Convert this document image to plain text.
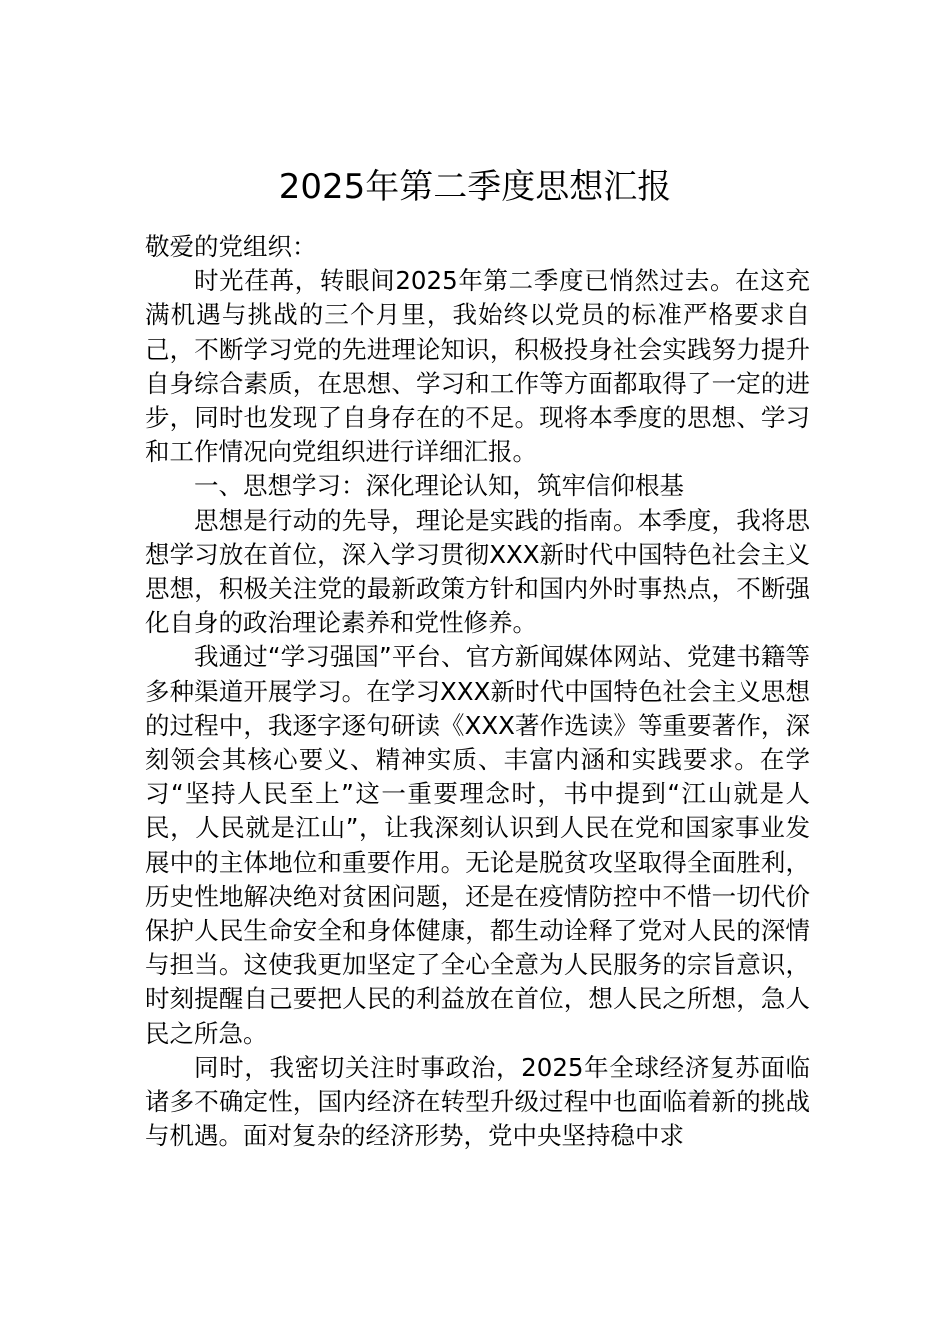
2025年第二季度思想汇报

敬爱的党组织：

时光荏苒，转眼间2025年第二季度已悄然过去。在这充满机遇与挑战的三个月里，我始终以党员的标准严格要求自己，不断学习党的先进理论知识，积极投身社会实践努力提升自身综合素质，在思想、学习和工作等方面都取得了一定的进步，同时也发现了自身存在的不足。现将本季度的思想、学习和工作情况向党组织进行详细汇报。

一、思想学习：深化理论认知，筑牢信仰根基

思想是行动的先导，理论是实践的指南。本季度，我将思想学习放在首位，深入学习贯彻XXX新时代中国特色社会主义思想，积极关注党的最新政策方针和国内外时事热点，不断强化自身的政治理论素养和党性修养。

我通过“学习强国”平台、官方新闻媒体网站、党建书籍等多种渠道开展学习。在学习XXX新时代中国特色社会主义思想的过程中，我逐字逐句研读《XXX著作选读》等重要著作，深刻领会其核心要义、精神实质、丰富内涵和实践要求。在学习“坚持人民至上”这一重要理念时，书中提到“江山就是人民，人民就是江山”，让我深刻认识到人民在党和国家事业发展中的主体地位和重要作用。无论是脱贫攻坚取得全面胜利，历史性地解决绝对贫困问题，还是在疫情防控中不惜一切代价保护人民生命安全和身体健康，都生动诠释了党对人民的深情与担当。这使我更加坚定了全心全意为人民服务的宗旨意识，时刻提醒自己要把人民的利益放在首位，想人民之所想，急人民之所急。

同时，我密切关注时事政治，2025年全球经济复苏面临诸多不确定性，国内经济在转型升级过程中也面临着新的挑战与机遇。面对复杂的经济形势，党中央坚持稳中求
